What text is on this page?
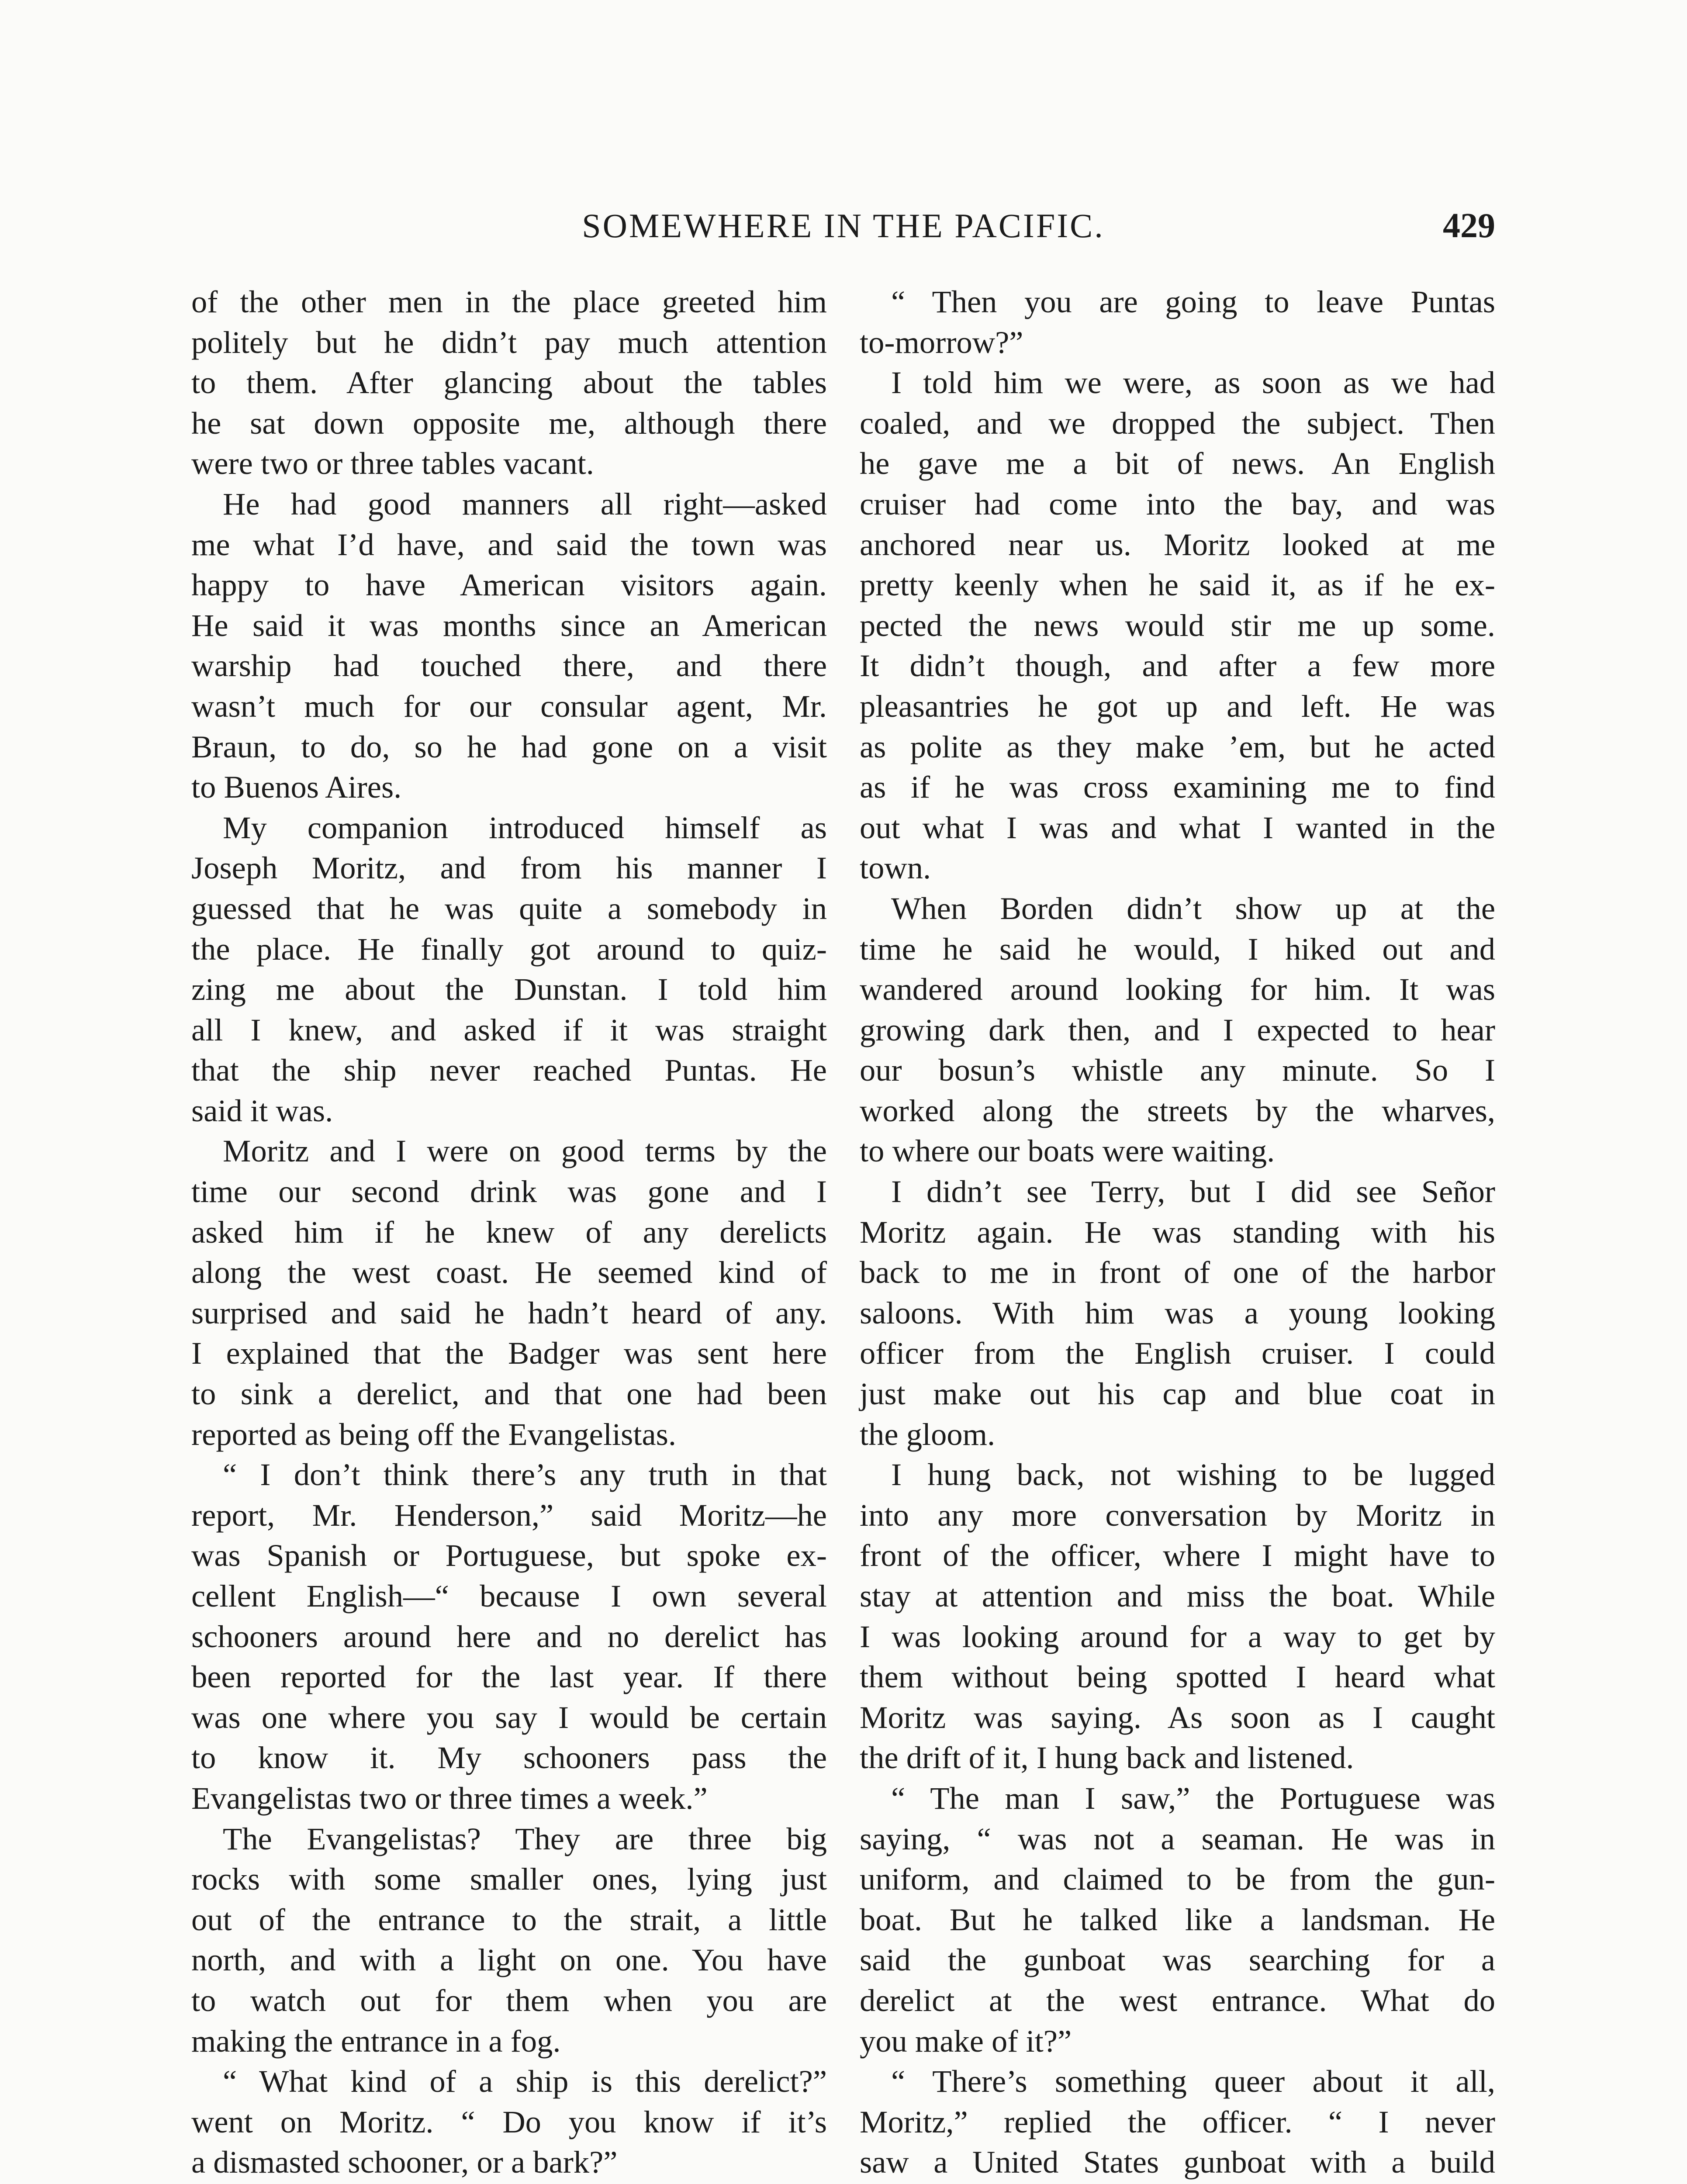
SOMEWHERE IN THE PACIFIC.	429
of the other men in the place greeted him
politely but he didn’t pay much attention
to them. After glancing about the tables
he sat down opposite me, although there
were two or three tables vacant.
He had good manners all right—asked
me what I’d have, and said the town was
happy to have American visitors again.
He said it was months since an American
warship had touched there, and there
wasn’t much for our consular agent, Mr.
Braun, to do, so he had gone on a visit
to Buenos Aires.
My companion introduced himself as
Joseph Moritz, and from his manner I
guessed that he was quite a somebody in
the place. He finally got around to quiz-
zing me about the Dunstan. I told him
all I knew, and asked if it was straight
that the ship never reached Puntas. He
said it was.
Moritz and I were on good terms by the
time our second drink was gone and I
asked him if he knew of any derelicts
along the west coast. He seemed kind of
surprised and said he hadn’t heard of any.
I explained that the Badger was sent here
to sink a derelict, and that one had been
reported as being off the Evangelistas.
“ I don’t think there’s any truth in that
report, Mr. Henderson,” said Moritz—he
was Spanish or Portuguese, but spoke ex-
cellent English—“ because I own several
schooners around here and no derelict has
been reported for the last year. If there
was one where you say I would be certain
to know it. My schooners pass the
Evangelistas two or three times a week.”
The Evangelistas? They are three big
rocks with some smaller ones, lying just
out of the entrance to the strait, a little
north, and with a light on one. You have
to watch out for them when you are
making the entrance in a fog.
“ What kind of a ship is this derelict?”
went on Moritz. “ Do you know if it’s
a dismasted schooner, or a bark?”
“ Then you are going to leave Puntas
to-morrow?”
I told him we were, as soon as we had
coaled, and we dropped the subject. Then
he gave me a bit of news. An English
cruiser had come into the bay, and was
anchored near us. Moritz looked at me
pretty keenly when he said it, as if he ex-
pected the news would stir me up some.
It didn’t though, and after a few more
pleasantries he got up and left. He was
as polite as they make ’em, but he acted
as if he was cross examining me to find
out what I was and what I wanted in the
town.
When Borden didn’t show up at the
time he said he would, I hiked out and
wandered around looking for him. It was
growing dark then, and I expected to hear
our bosun’s whistle any minute. So I
worked along the streets by the wharves,
to where our boats were waiting.
I didn’t see Terry, but I did see Señor
Moritz again. He was standing with his
back to me in front of one of the harbor
saloons. With him was a young looking
officer from the English cruiser. I could
just make out his cap and blue coat in
the gloom.
I hung back, not wishing to be lugged
into any more conversation by Moritz in
front of the officer, where I might have to
stay at attention and miss the boat. While
I was looking around for a way to get by
them without being spotted I heard what
Moritz was saying. As soon as I caught
the drift of it, I hung back and listened.
“ The man I saw,” the Portuguese was
saying, “ was not a seaman. He was in
uniform, and claimed to be from the gun-
boat. But he talked like a landsman. He
said the gunboat was searching for a
derelict at the west entrance. What do
you make of it?”
“ There’s something queer about it all,
Moritz,” replied the officer. “ I never
saw a United States gunboat with a build
